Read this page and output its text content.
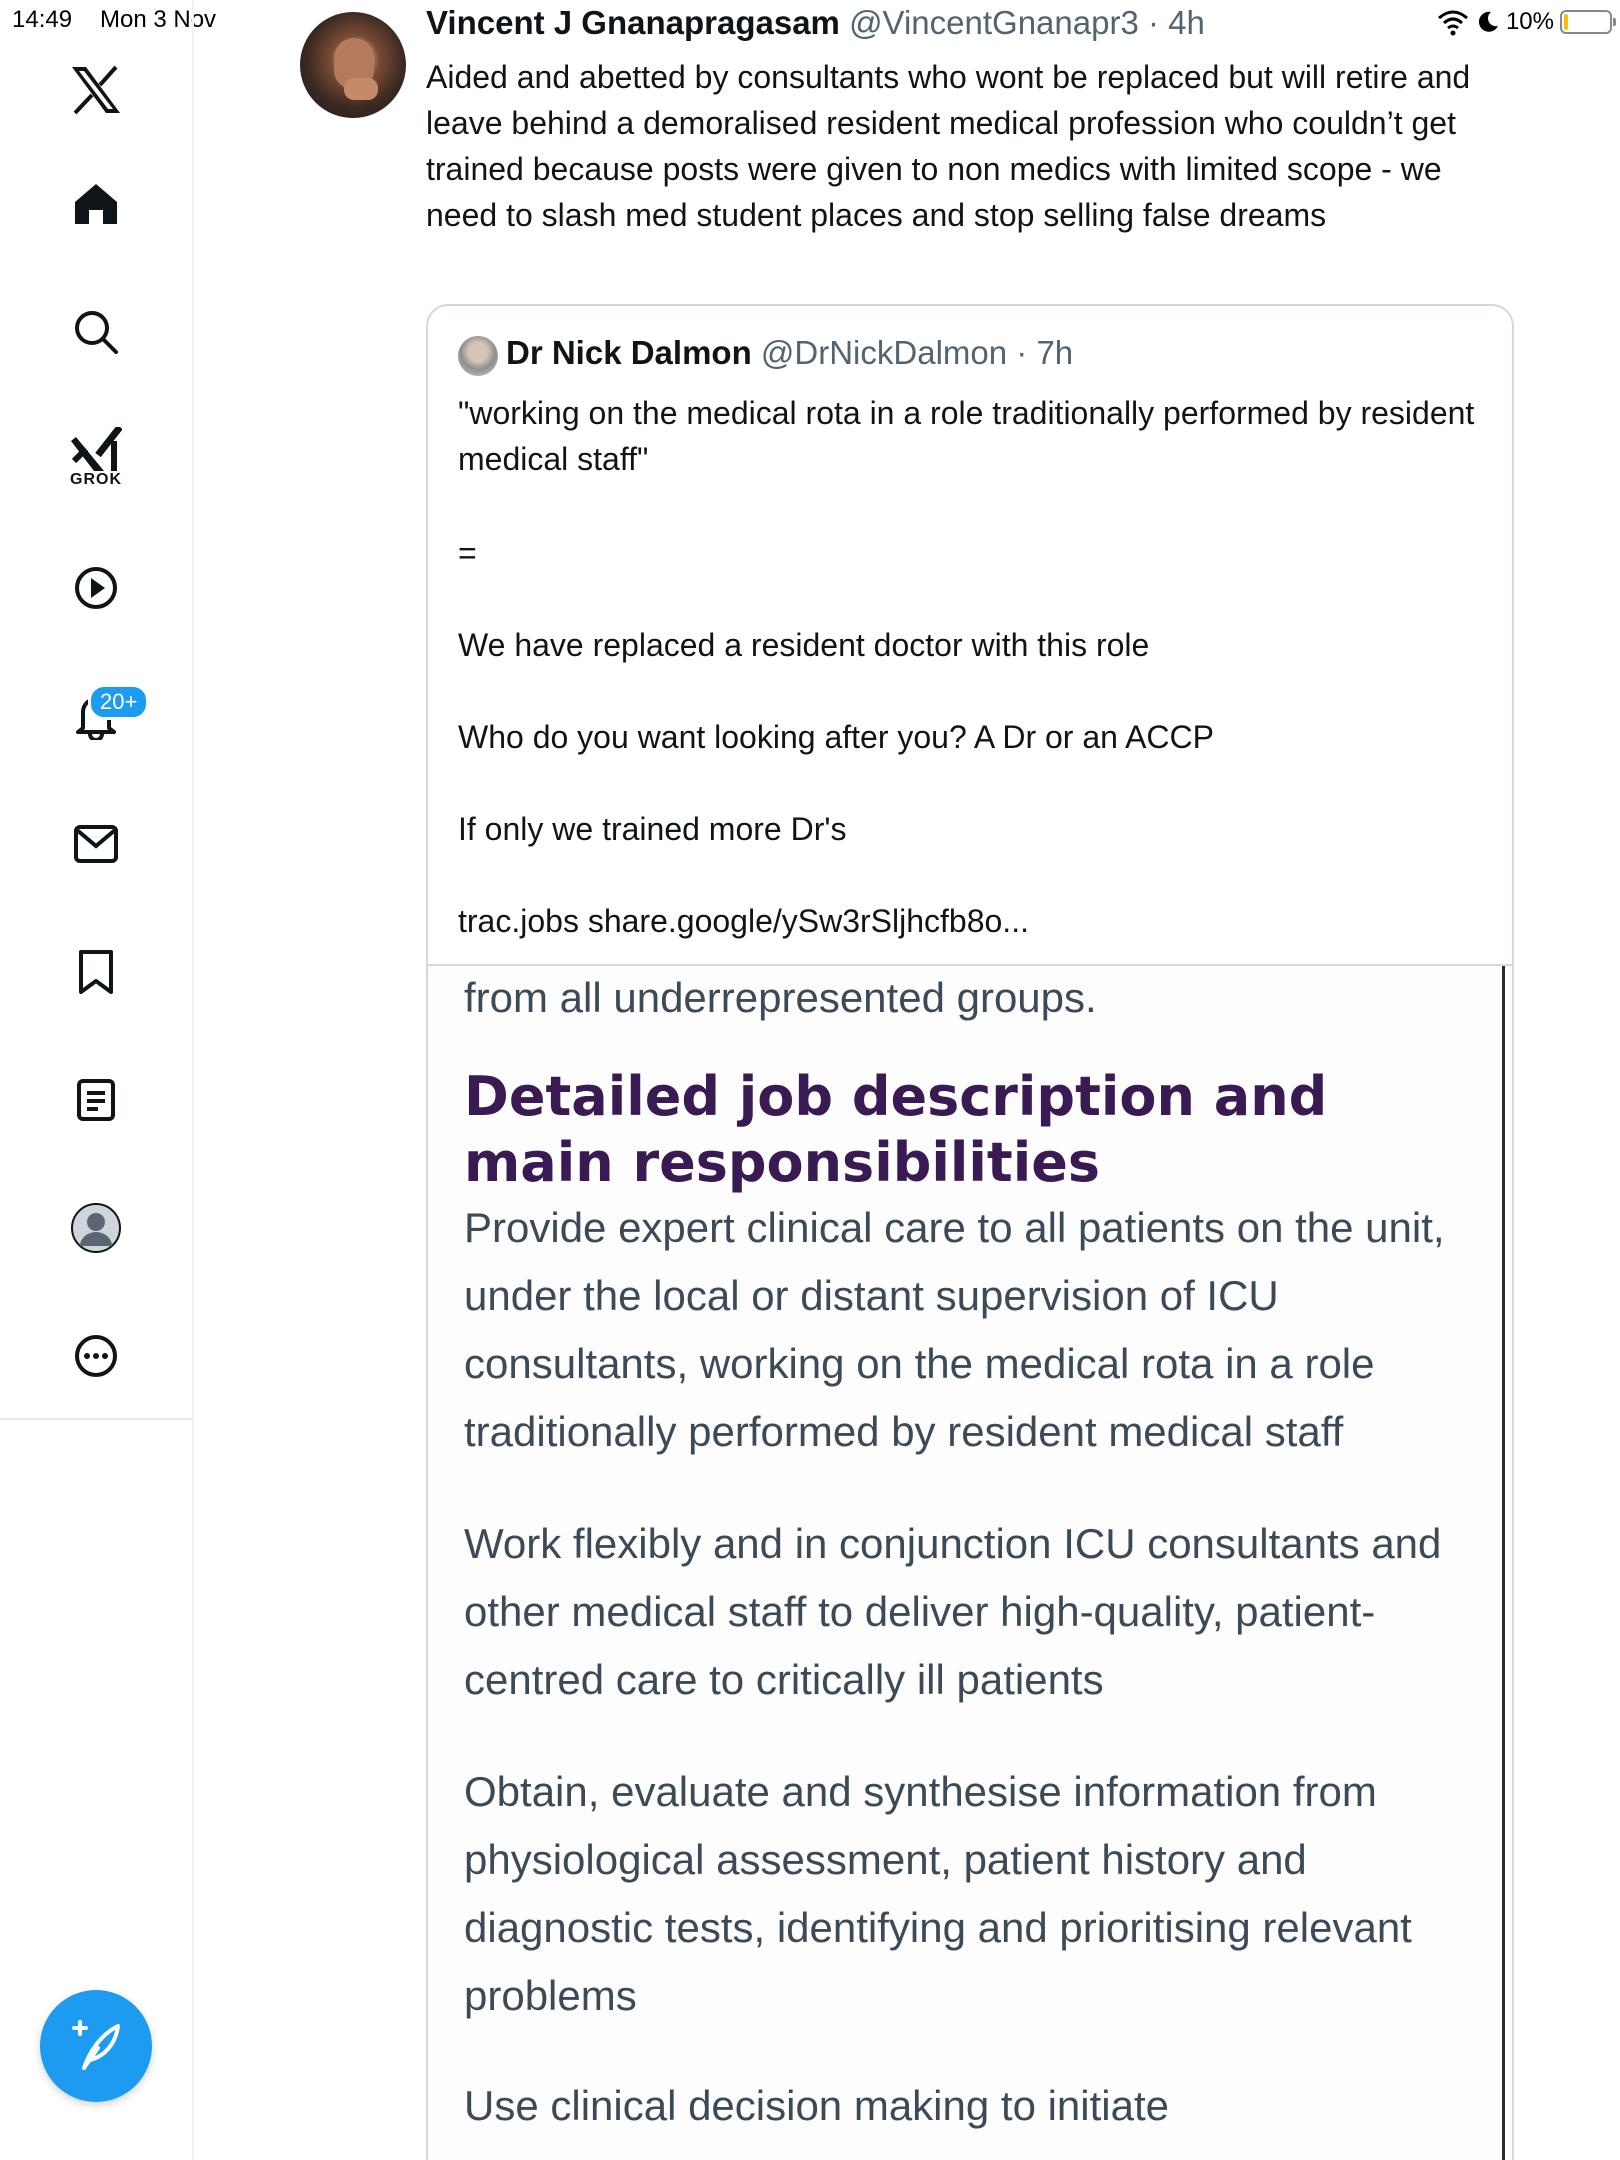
14:49 Mon 3 Nov	10%
GROK
20+
Vincent J Gnanapragasam @VincentGnanapr3 · 4h
Aided and abetted by consultants who wont be replaced but will retire and leave behind a demoralised resident medical profession who couldn’t get trained because posts were given to non medics with limited scope - we need to slash med student places and stop selling false dreams
Dr Nick Dalmon @DrNickDalmon · 7h
"working on the medical rota in a role traditionally performed by resident medical staff"
=
We have replaced a resident doctor with this role
Who do you want looking after you? A Dr or an ACCP
If only we trained more Dr's
trac.jobs share.google/ySw3rSljhcfb8o...
from all underrepresented groups.
Detailed job description and main responsibilities
Provide expert clinical care to all patients on the unit, under the local or distant supervision of ICU consultants, working on the medical rota in a role traditionally performed by resident medical staff
Work flexibly and in conjunction ICU consultants and other medical staff to deliver high-quality, patient-centred care to critically ill patients
Obtain, evaluate and synthesise information from physiological assessment, patient history and diagnostic tests, identifying and prioritising relevant problems
Use clinical decision making to initiate
